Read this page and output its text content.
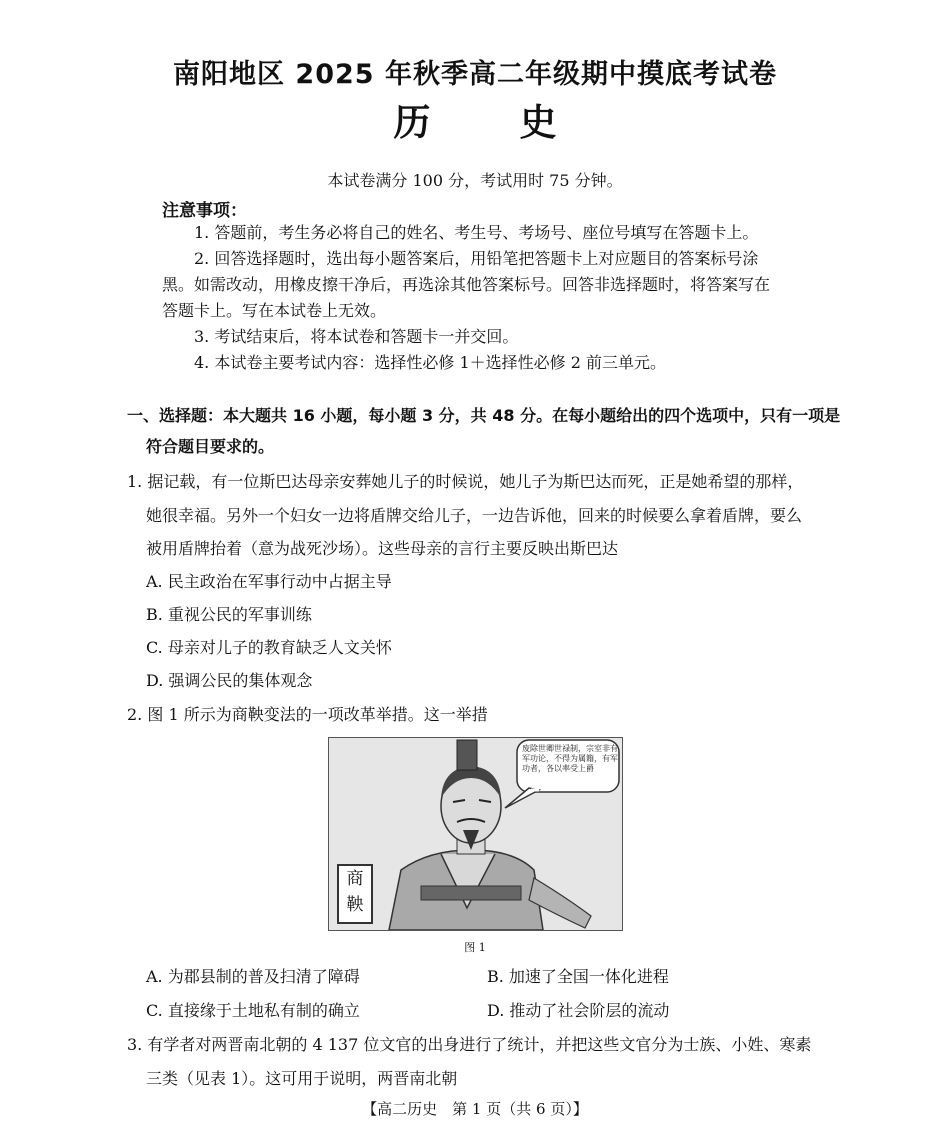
南阳地区 2025 年秋季高二年级期中摸底考试卷
历 史
本试卷满分 100 分，考试用时 75 分钟。
注意事项：
1. 答题前，考生务必将自己的姓名、考生号、考场号、座位号填写在答题卡上。
2. 回答选择题时，选出每小题答案后，用铅笔把答题卡上对应题目的答案标号涂
黑。如需改动，用橡皮擦干净后，再选涂其他答案标号。回答非选择题时，将答案写在
答题卡上。写在本试卷上无效。
3. 考试结束后，将本试卷和答题卡一并交回。
4. 本试卷主要考试内容：选择性必修 1＋选择性必修 2 前三单元。
一、选择题：本大题共 16 小题，每小题 3 分，共 48 分。在每小题给出的四个选项中，只有一项是
符合题目要求的。
1. 据记载，有一位斯巴达母亲安葬她儿子的时候说，她儿子为斯巴达而死，正是她希望的那样，
她很幸福。另外一个妇女一边将盾牌交给儿子，一边告诉他，回来的时候要么拿着盾牌，要么
被用盾牌抬着（意为战死沙场）。这些母亲的言行主要反映出斯巴达
A. 民主政治在军事行动中占据主导
B. 重视公民的军事训练
C. 母亲对儿子的教育缺乏人文关怀
D. 强调公民的集体观念
2. 图 1 所示为商鞅变法的一项改革举措。这一举措
废除世卿世禄制，宗室非有军功论，不得为属籍，有军功者，各以率受上爵
商
鞅
图 1
A. 为郡县制的普及扫清了障碍	B. 加速了全国一体化进程
C. 直接缘于土地私有制的确立	D. 推动了社会阶层的流动
3. 有学者对两晋南北朝的 4 137 位文官的出身进行了统计，并把这些文官分为士族、小姓、寒素
三类（见表 1）。这可用于说明，两晋南北朝
【高二历史　第 1 页（共 6 页）】
